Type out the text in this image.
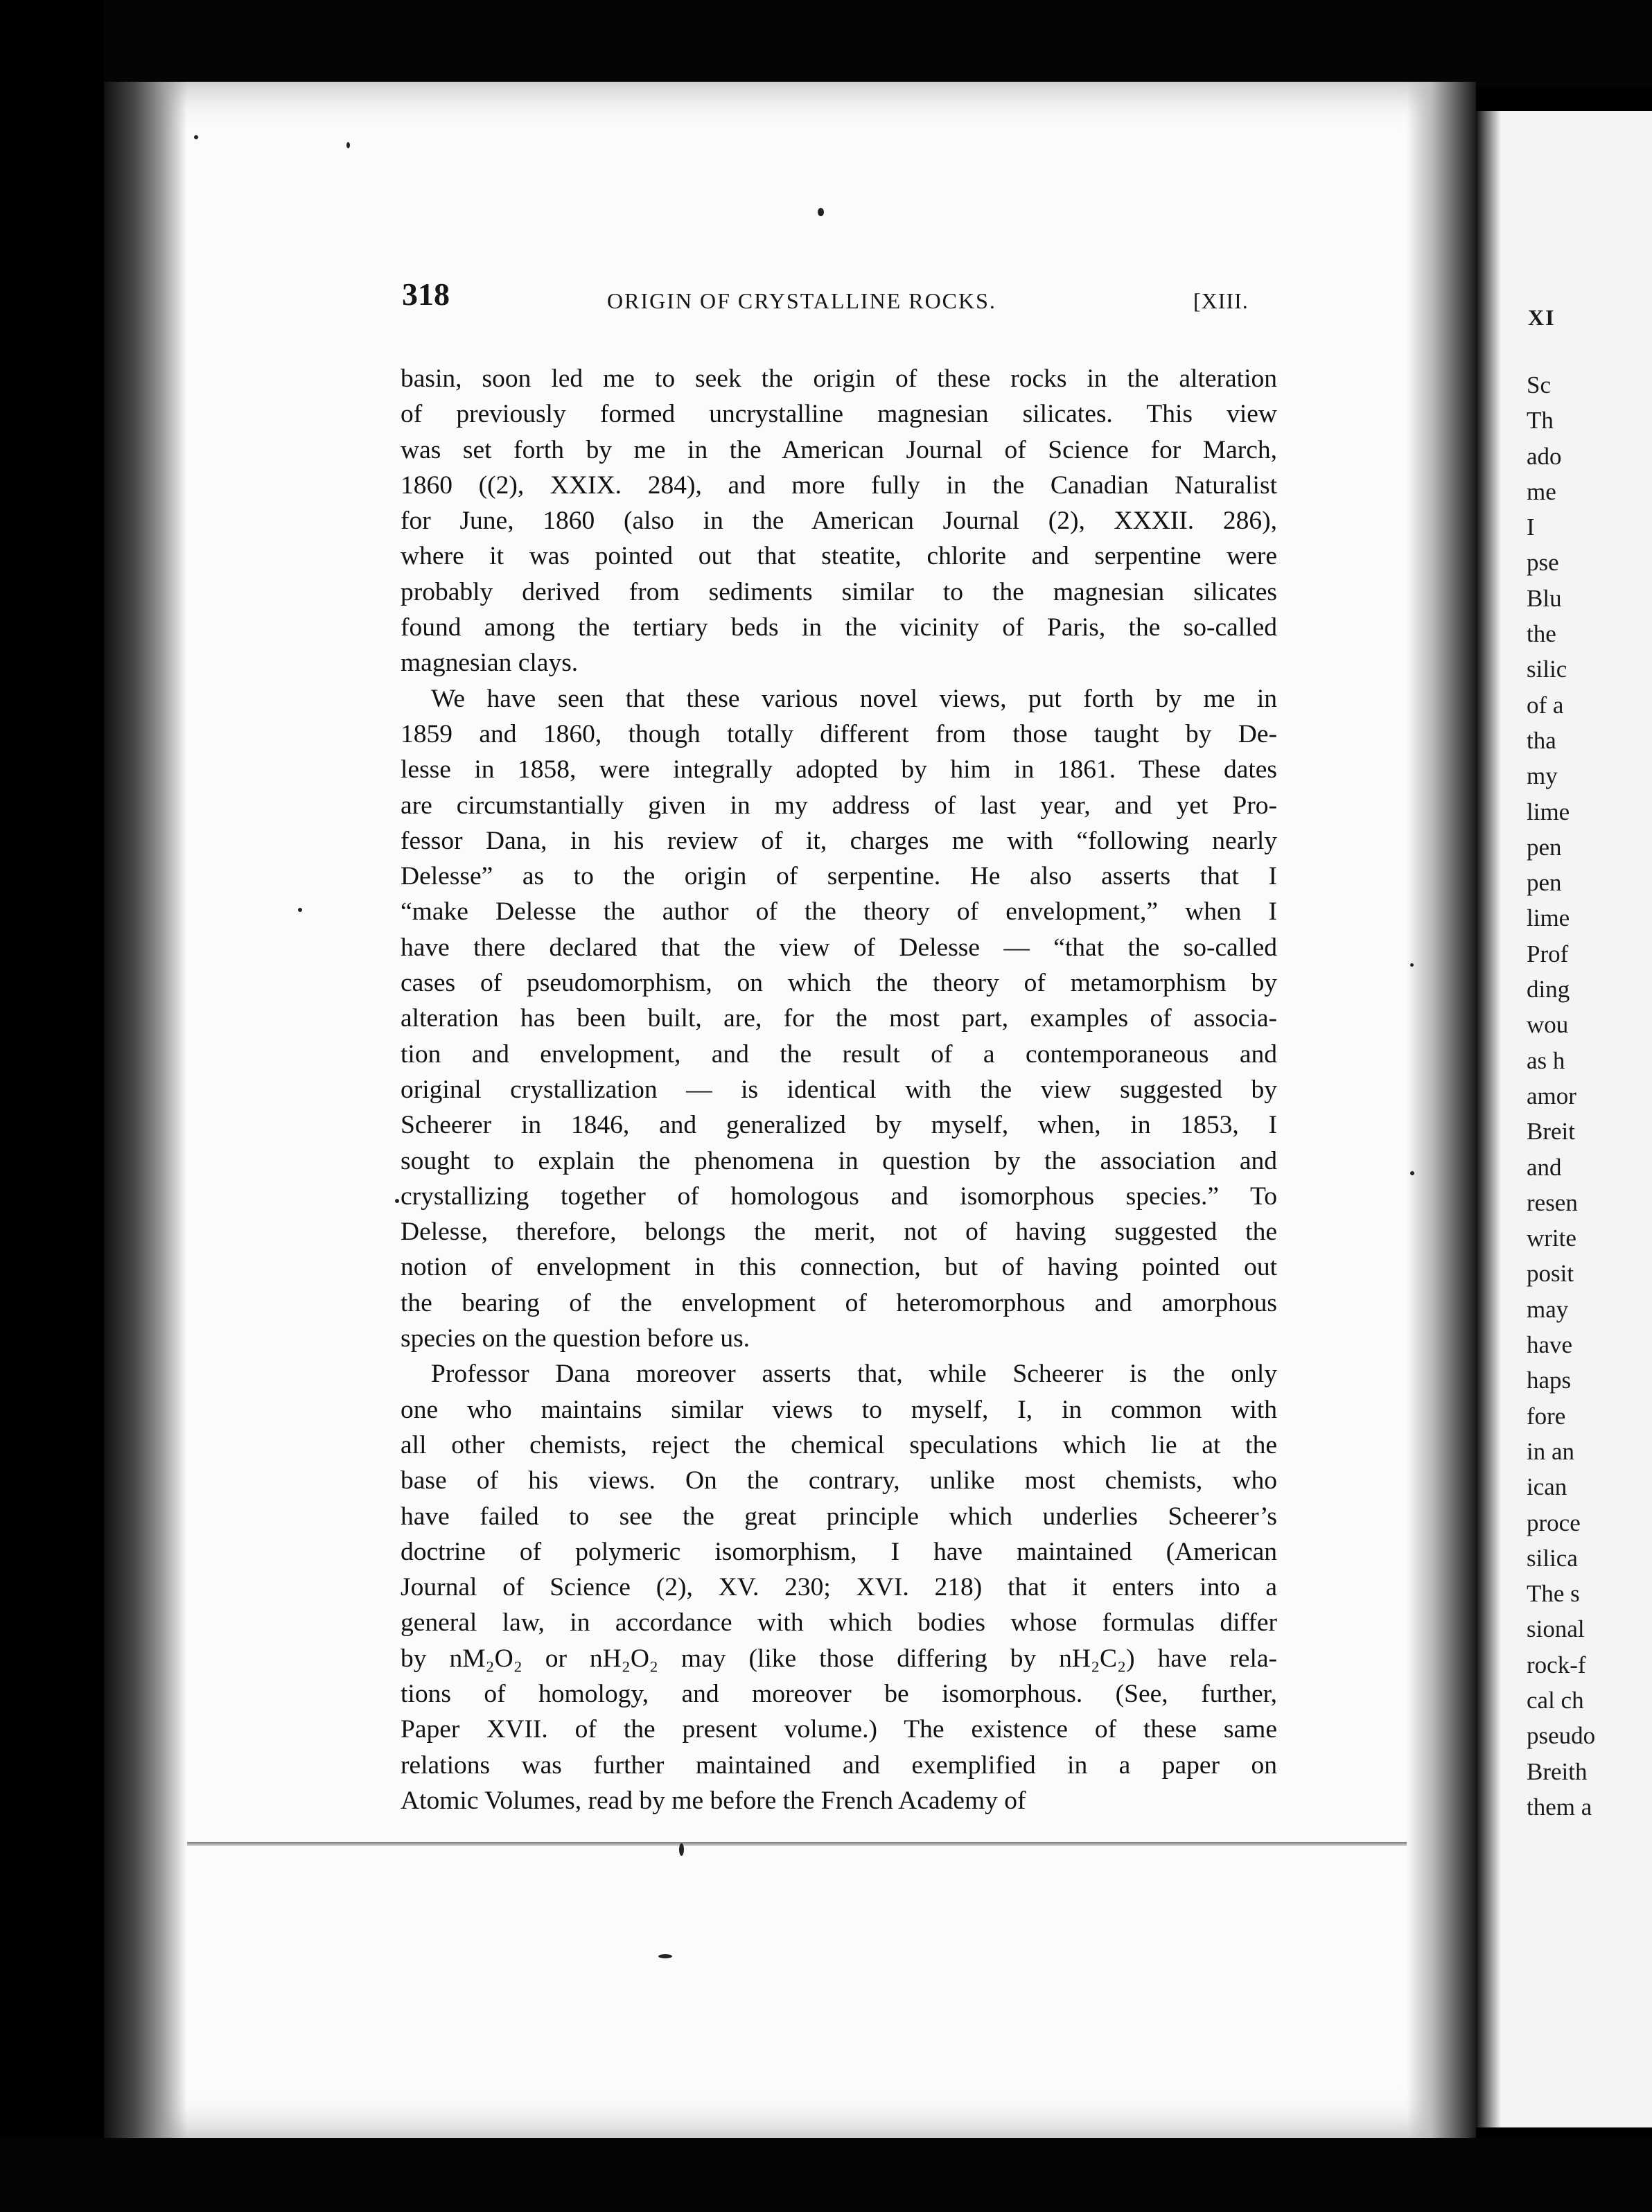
XI
Sc
Th
ado
me
I
pse
Blu
the
silic
of a
tha
my
lime
pen
pen
lime
Prof
ding
wou
as h
amor
Breit
and
resen
write
posit
may
have
haps
fore
in an
ican
proce
silica
The s
sional
rock-f
cal ch
pseudo
Breith
them a
318	ORIGIN OF CRYSTALLINE ROCKS.	[XIII.
basin, soon led me to seek the origin of these rocks in the alteration
of previously formed uncrystalline magnesian silicates. This view
was set forth by me in the American Journal of Science for March,
1860 ((2), XXIX. 284), and more fully in the Canadian Naturalist
for June, 1860 (also in the American Journal (2), XXXII. 286),
where it was pointed out that steatite, chlorite and serpentine were
probably derived from sediments similar to the magnesian silicates
found among the tertiary beds in the vicinity of Paris, the so-called
magnesian clays.
We have seen that these various novel views, put forth by me in
1859 and 1860, though totally different from those taught by De-
lesse in 1858, were integrally adopted by him in 1861. These dates
are circumstantially given in my address of last year, and yet Pro-
fessor Dana, in his review of it, charges me with “following nearly
Delesse” as to the origin of serpentine. He also asserts that I
“make Delesse the author of the theory of envelopment,” when I
have there declared that the view of Delesse — “that the so-called
cases of pseudomorphism, on which the theory of metamorphism by
alteration has been built, are, for the most part, examples of associa-
tion and envelopment, and the result of a contemporaneous and
original crystallization — is identical with the view suggested by
Scheerer in 1846, and generalized by myself, when, in 1853, I
sought to explain the phenomena in question by the association and
crystallizing together of homologous and isomorphous species.” To
Delesse, therefore, belongs the merit, not of having suggested the
notion of envelopment in this connection, but of having pointed out
the bearing of the envelopment of heteromorphous and amorphous
species on the question before us.
Professor Dana moreover asserts that, while Scheerer is the only
one who maintains similar views to myself, I, in common with
all other chemists, reject the chemical speculations which lie at the
base of his views. On the contrary, unlike most chemists, who
have failed to see the great principle which underlies Scheerer’s
doctrine of polymeric isomorphism, I have maintained (American
Journal of Science (2), XV. 230; XVI. 218) that it enters into a
general law, in accordance with which bodies whose formulas differ
by nM₂O₂ or nH₂O₂ may (like those differing by nH₂C₂) have rela-
tions of homology, and moreover be isomorphous. (See, further,
Paper XVII. of the present volume.) The existence of these same
relations was further maintained and exemplified in a paper on
Atomic Volumes, read by me before the French Academy of
